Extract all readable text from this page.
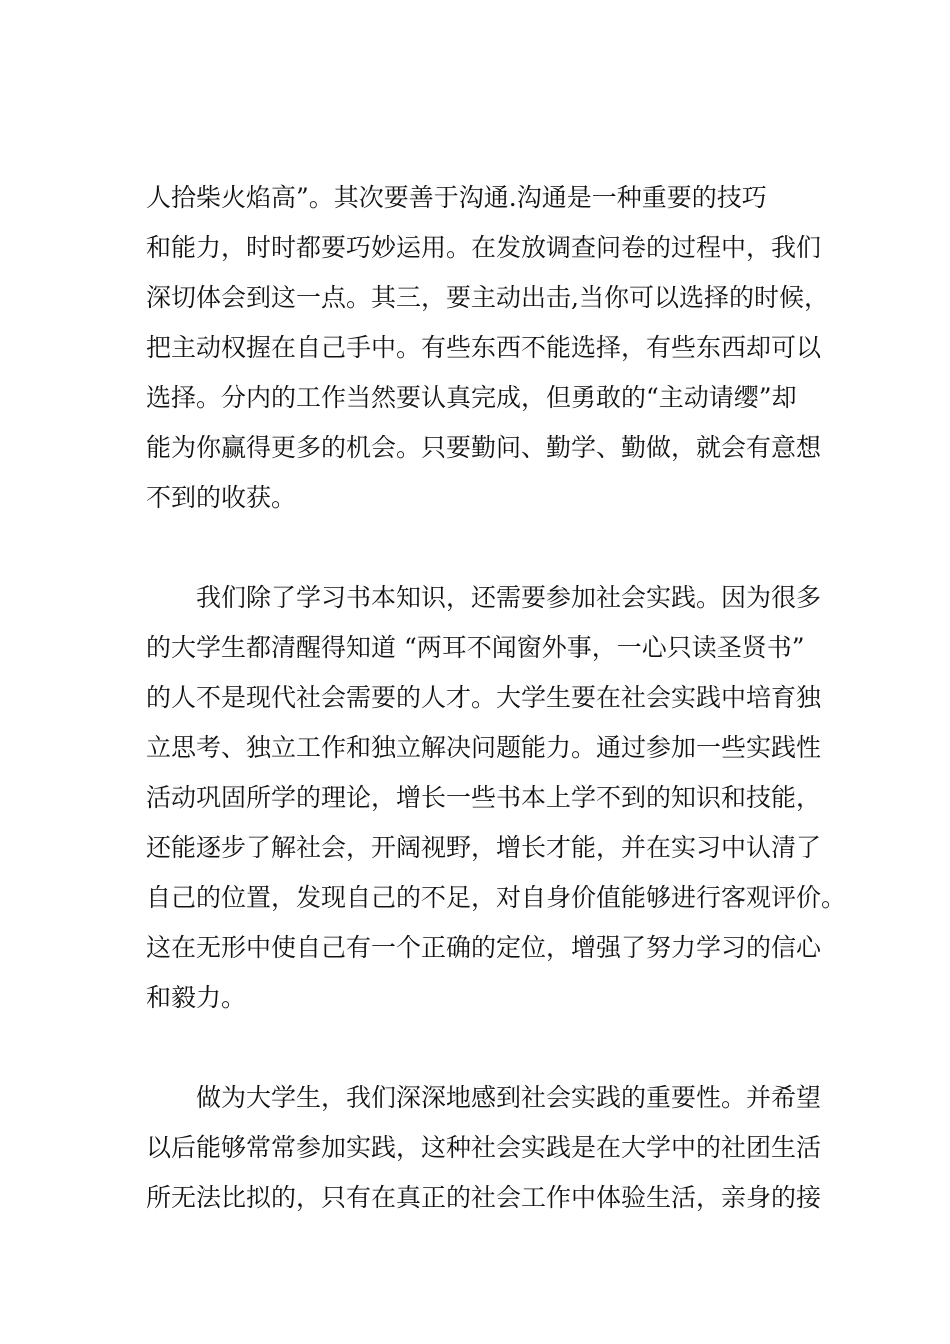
人拾柴火焰高”。其次要善于沟通.沟通是一种重要的技巧
和能力，时时都要巧妙运用。在发放调查问卷的过程中，我们
深切体会到这一点。其三，要主动出击,当你可以选择的时候，
把主动权握在自己手中。有些东西不能选择，有些东西却可以
选择。分内的工作当然要认真完成，但勇敢的“主动请缨”却
能为你赢得更多的机会。只要勤问、勤学、勤做，就会有意想
不到的收获。
我们除了学习书本知识，还需要参加社会实践。因为很多
的大学生都清醒得知道 “两耳不闻窗外事，一心只读圣贤书”
的人不是现代社会需要的人才。大学生要在社会实践中培育独
立思考、独立工作和独立解决问题能力。通过参加一些实践性
活动巩固所学的理论，增长一些书本上学不到的知识和技能，
还能逐步了解社会，开阔视野，增长才能，并在实习中认清了
自己的位置，发现自己的不足，对自身价值能够进行客观评价。
这在无形中使自己有一个正确的定位，增强了努力学习的信心
和毅力。
做为大学生，我们深深地感到社会实践的重要性。并希望
以后能够常常参加实践，这种社会实践是在大学中的社团生活
所无法比拟的，只有在真正的社会工作中体验生活，亲身的接
